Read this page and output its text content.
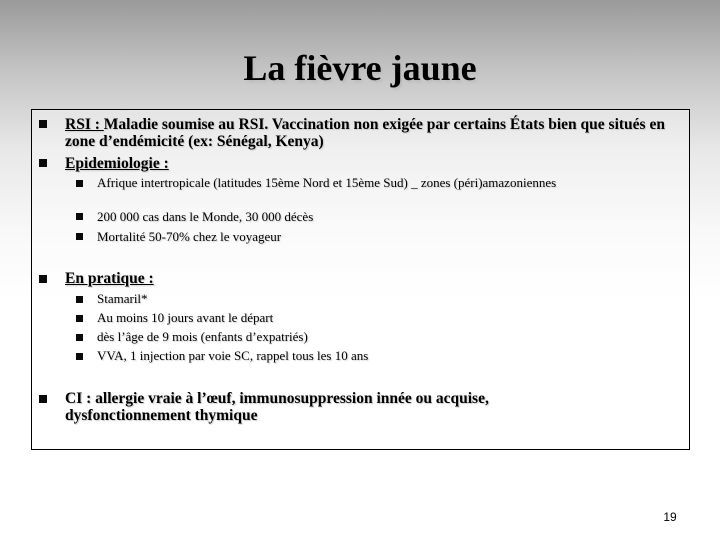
La fièvre jaune
RSI : Maladie soumise au RSI. Vaccination non exigée par certains États bien que situés en zone d’endémicité (ex: Sénégal, Kenya)
Epidemiologie :
Afrique intertropicale (latitudes 15ème Nord et 15ème Sud) _ zones (péri)amazoniennes
200 000 cas dans le Monde, 30 000 décès
Mortalité 50-70% chez le voyageur
En pratique :
Stamaril*
Au moins 10 jours avant le départ
dès l’âge de 9 mois (enfants d’expatriés)
VVA, 1 injection par voie SC, rappel tous les 10 ans
CI : allergie vraie à l’œuf, immunosuppression innée ou acquise, dysfonctionnement thymique
19
